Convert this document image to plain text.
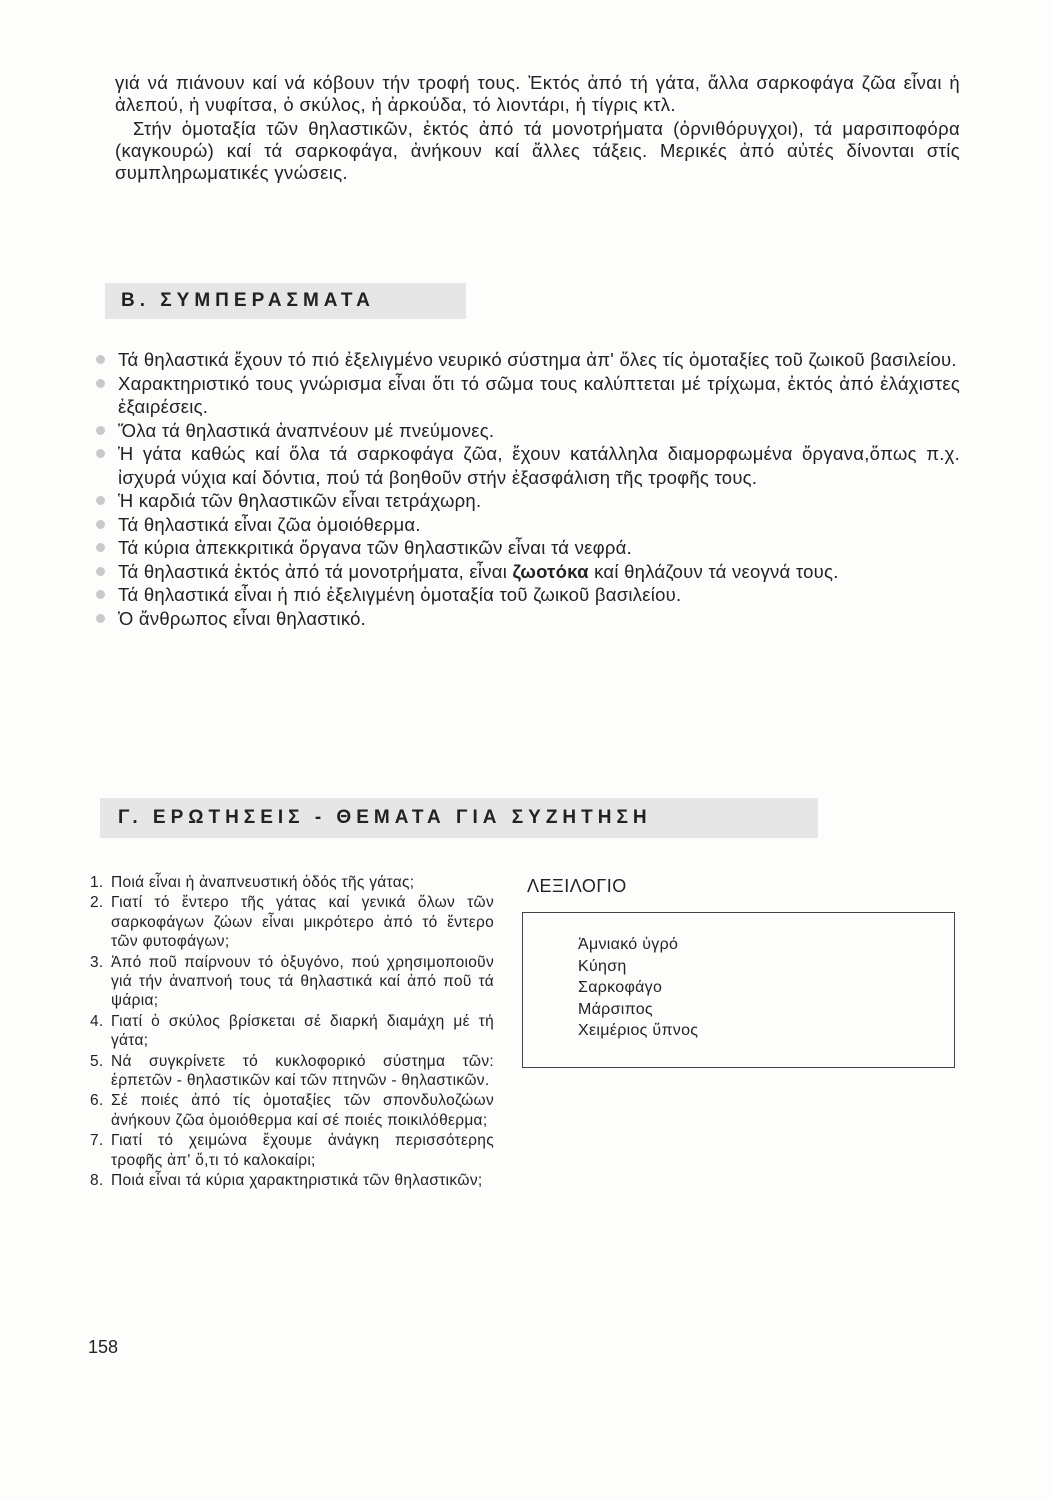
γιά νά πιάνουν καί νά κόβουν τήν τροφή τους. Ἐκτός ἀπό τή γάτα, ἄλλα σαρκοφάγα ζῶα εἶναι ἡ ἀλεπού, ἡ νυφίτσα, ὁ σκύλος, ἡ ἀρκούδα, τό λιοντάρι, ἡ τίγρις κτλ.

Στήν ὁμοταξία τῶν θηλαστικῶν, ἐκτός ἀπό τά μονοτρήματα (ὀρνιθόρυγχοι), τά μαρσιποφόρα (καγκουρώ) καί τά σαρκοφάγα, ἀνήκουν καί ἄλλες τάξεις. Μερικές ἀπό αὐτές δίνονται στίς συμπληρωματικές γνώσεις.

Β. ΣΥΜΠΕΡΑΣΜΑΤΑ
Τά θηλαστικά ἔχουν τό πιό ἐξελιγμένο νευρικό σύστημα ἀπ' ὅλες τίς ὁμοταξίες τοῦ ζωικοῦ βασιλείου.
Χαρακτηριστικό τους γνώρισμα εἶναι ὅτι τό σῶμα τους καλύπτεται μέ τρίχωμα, ἐκτός ἀπό ἐλάχιστες ἐξαιρέσεις.
Ὅλα τά θηλαστικά ἀναπνέουν μέ πνεύμονες.
Ἡ γάτα καθώς καί ὅλα τά σαρκοφάγα ζῶα, ἔχουν κατάλληλα διαμορφωμένα ὄργανα,ὅπως π.χ. ἰσχυρά νύχια καί δόντια, πού τά βοηθοῦν στήν ἐξασφάλιση τῆς τροφῆς τους.
Ἡ καρδιά τῶν θηλαστικῶν εἶναι τετράχωρη.
Τά θηλαστικά εἶναι ζῶα ὁμοιόθερμα.
Τά κύρια ἀπεκκριτικά ὄργανα τῶν θηλαστικῶν εἶναι τά νεφρά.
Τά θηλαστικά ἐκτός ἀπό τά μονοτρήματα, εἶναι ζωοτόκα καί θηλάζουν τά νεογνά τους.
Τά θηλαστικά εἶναι ἡ πιό ἐξελιγμένη ὁμοταξία τοῦ ζωικοῦ βασιλείου.
Ὁ ἄνθρωπος εἶναι θηλαστικό.
Γ. ΕΡΩΤΗΣΕΙΣ - ΘΕΜΑΤΑ ΓΙΑ ΣΥΖΗΤΗΣΗ
1. Ποιά εἶναι ἡ ἀναπνευστική ὁδός τῆς γάτας;
2. Γιατί τό ἔντερο τῆς γάτας καί γενικά ὅλων τῶν σαρκοφάγων ζώων εἶναι μικρότερο ἀπό τό ἔντερο τῶν φυτοφάγων;
3. Ἀπό ποῦ παίρνουν τό ὀξυγόνο, πού χρησιμοποιοῦν γιά τήν ἀναπνοή τους τά θηλαστικά καί ἀπό ποῦ τά ψάρια;
4. Γιατί ὁ σκύλος βρίσκεται σέ διαρκή διαμάχη μέ τή γάτα;
5. Νά συγκρίνετε τό κυκλοφορικό σύστημα τῶν: ἑρπετῶν - θηλαστικῶν καί τῶν πτηνῶν - θηλαστικῶν.
6. Σέ ποιές ἀπό τίς ὁμοταξίες τῶν σπονδυλοζώων ἀνήκουν ζῶα ὁμοιόθερμα καί σέ ποιές ποικιλόθερμα;
7. Γιατί τό χειμώνα ἔχουμε ἀνάγκη περισσότερης τροφῆς ἀπ' ὅ,τι τό καλοκαίρι;
8. Ποιά εἶναι τά κύρια χαρακτηριστικά τῶν θηλαστικῶν;
ΛΕΞΙΛΟΓΙΟ
Ἀμνιακό ὑγρό
Κύηση
Σαρκοφάγο
Μάρσιπος
Χειμέριος ὕπνος
158
